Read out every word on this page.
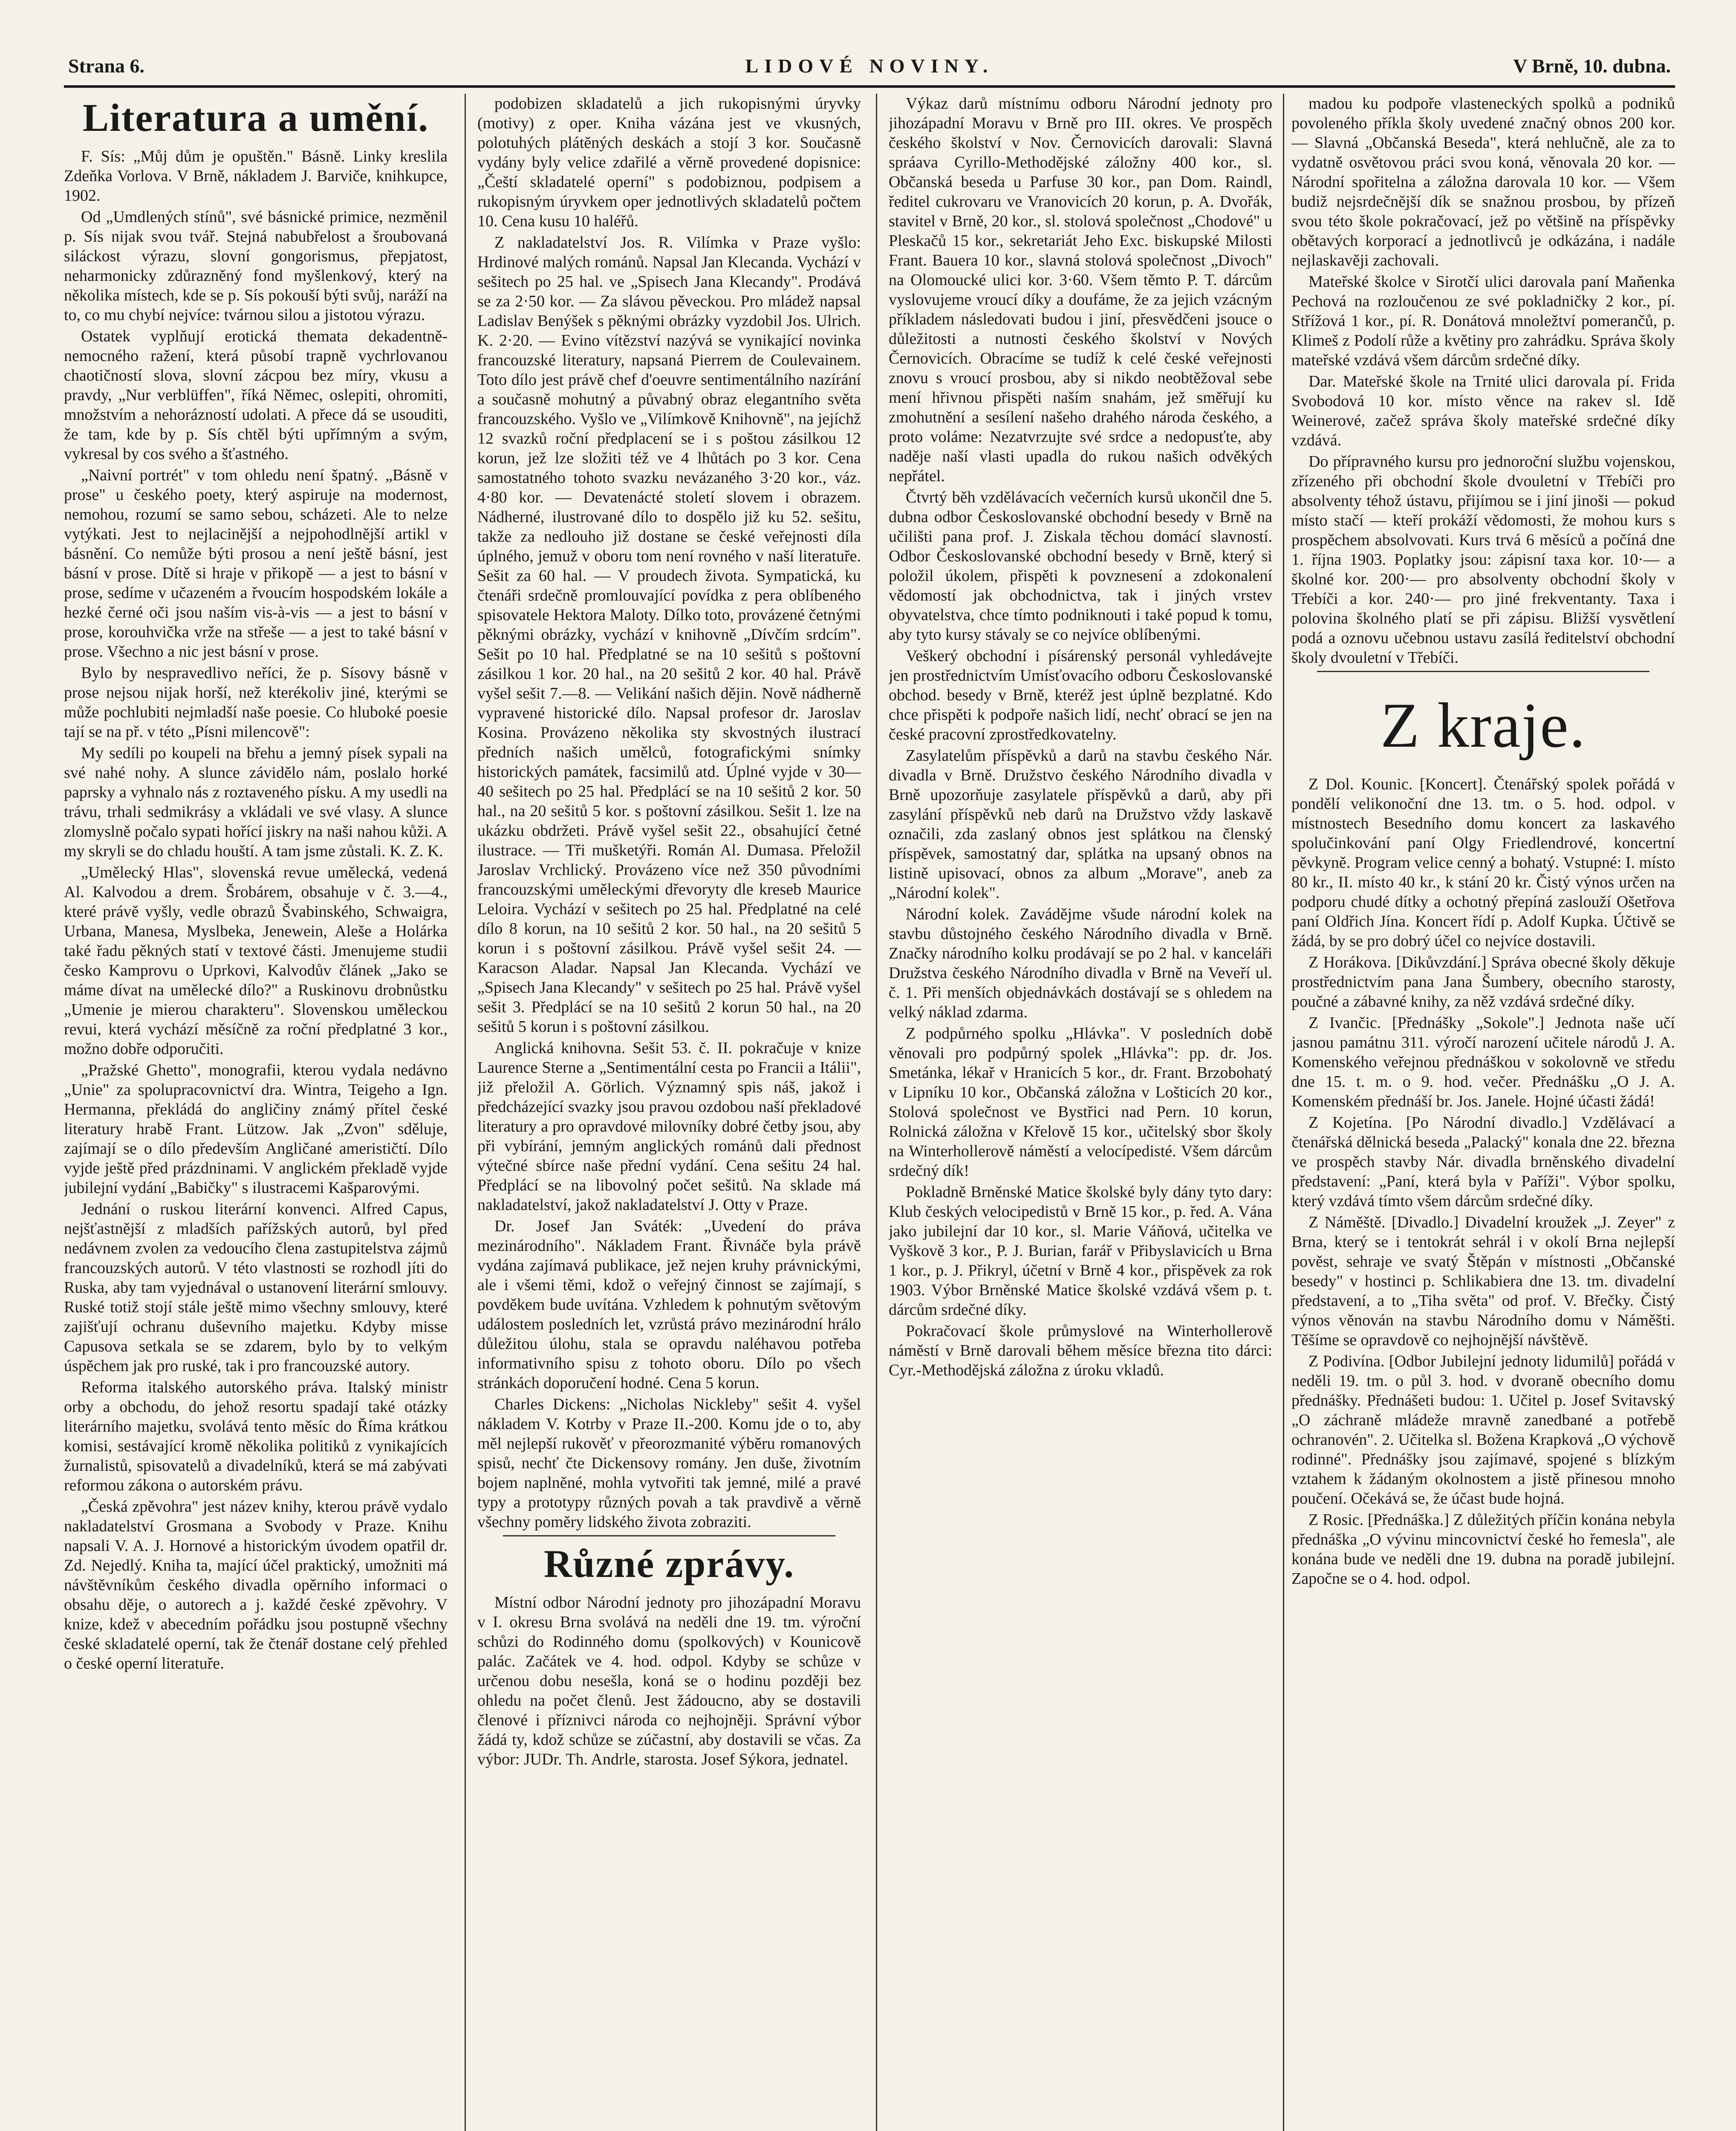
Strana 6.	LIDOVÉ NOVINY.	V Brně, 10. dubna.
Literatura a umění.

F. Sís: „Můj dům je opuštěn." Básně. Linky kreslila Zdeňka Vorlova. V Brně, nákladem J. Barviče, knihkupce, 1902.

Od „Umdlených stínů", své básnické primice, nezměnil p. Sís nijak svou tvář. Stejná nabubřelost a šroubovaná siláckost výrazu, slovní gongorismus, přepjatost, neharmonicky zdůrazněný fond myšlenkový, který na několika místech, kde se p. Sís pokouší býti svůj, naráží na to, co mu chybí nejvíce: tvárnou silou a jistotou výrazu.

Ostatek vyplňují erotická themata dekadentně-nemocného ražení, která působí trapně vychrlovanou chaotičností slova, slovní zácpou bez míry, vkusu a pravdy, „Nur verblüffen", říká Němec, oslepiti, ohromiti, množstvím a nehorázností udolati. A přece dá se usouditi, že tam, kde by p. Sís chtěl býti upřímným a svým, vykresal by cos svého a šťastného.

„Naivní portrét" v tom ohledu není špatný. „Básně v prose" u českého poety, který aspiruje na modernost, nemohou, rozumí se samo sebou, scházeti. Ale to nelze vytýkati. Jest to nejlacinější a nejpohodlnější artikl v básnění. Co nemůže býti prosou a není ještě básní, jest básní v prose. Dítě si hraje v přikopě — a jest to básní v prose, sedíme v učazeném a řvoucím hospodském lokále a hezké černé oči jsou naším vis-à-vis — a jest to básní v prose, korouhvička vrže na střeše — a jest to také básní v prose. Všechno a nic jest básní v prose.

Bylo by nespravedlivo neříci, že p. Sísovy básně v prose nejsou nijak horší, než kterékoliv jiné, kterými se může pochlubiti nejmladší naše poesie. Co hluboké poesie tají se na př. v této „Písni milencově":

My sedíli po koupeli na břehu a jemný písek sypali na své nahé nohy. A slunce závidělo nám, poslalo horké paprsky a vyhnalo nás z roztaveného písku. A my usedli na trávu, trhali sedmikrásy a vkládali ve své vlasy. A slunce zlomyslně počalo sypati hořící jiskry na naši nahou kůži. A my skryli se do chladu houští. A tam jsme zůstali. K. Z. K.

„Umělecký Hlas", slovenská revue umělecká, vedená Al. Kalvodou a drem. Šrobárem, obsahuje v č. 3.—4., které právě vyšly, vedle obrazů Švabinského, Schwaigra, Urbana, Manesa, Myslbeka, Jenewein, Aleše a Holárka také řadu pěkných statí v textové části. Jmenujeme studii česko Kamprovu o Uprkovi, Kalvodův článek „Jako se máme dívat na umělecké dílo?" a Ruskinovu drobnůstku „Umenie je mierou charakteru". Slovenskou uměleckou revui, která vychází měsíčně za roční předplatné 3 kor., možno dobře odporučiti.

„Pražské Ghetto", monografii, kterou vydala nedávno „Unie" za spolupracovnictví dra. Wintra, Teigeho a Ign. Hermanna, překládá do angličiny známý přítel české literatury hrabě Frant. Lützow. Jak „Zvon" sděluje, zajímají se o dílo především Angličané amerističtí. Dílo vyjde ještě před prázdninami. V anglickém překladě vyjde jubilejní vydání „Babičky" s ilustracemi Kašparovými.

Jednání o ruskou literární konvenci. Alfred Capus, nejšťastnější z mladších pařížských autorů, byl před nedávnem zvolen za vedoucího člena zastupitelstva zájmů francouzských autorů. V této vlastnosti se rozhodl jíti do Ruska, aby tam vyjednával o ustanovení literární smlouvy. Ruské totiž stojí stále ještě mimo všechny smlouvy, které zajišťují ochranu duševního majetku. Kdyby misse Capusova setkala se se zdarem, bylo by to velkým úspěchem jak pro ruské, tak i pro francouzské autory.

Reforma italského autorského práva. Italský ministr orby a obchodu, do jehož resortu spadají také otázky literárního majetku, svolává tento měsíc do Říma krátkou komisi, sestávající kromě několika politiků z vynikajících žurnalistů, spisovatelů a divadelníků, která se má zabývati reformou zákona o autorském právu.

„Česká zpěvohra" jest název knihy, kterou právě vydalo nakladatelství Grosmana a Svobody v Praze. Knihu napsali V. A. J. Hornové a historickým úvodem opatřil dr. Zd. Nejedlý. Kniha ta, mající účel praktický, umožniti má návštěvníkům českého divadla opěrního informaci o obsahu děje, o autorech a j. každé české zpěvohry. V knize, kdež v abecedním pořádku jsou postupně všechny české skladatelé operní, tak že čtenář dostane celý přehled o české operní literatuře.

podobizen skladatelů a jich rukopisnými úryvky (motivy) z oper. Kniha vázána jest ve vkusných, polotuhých plátěných deskách a stojí 3 kor. Současně vydány byly velice zdařilé a věrně provedené dopisnice: „Čeští skladatelé operní" s podobiznou, podpisem a rukopisným úryvkem oper jednotlivých skladatelů počtem 10. Cena kusu 10 haléřů.

Z nakladatelství Jos. R. Vilímka v Praze vyšlo: Hrdinové malých románů. Napsal Jan Klecanda. Vychází v sešitech po 25 hal. ve „Spisech Jana Klecandy". Prodává se za 2·50 kor. — Za slávou pěveckou. Pro mládež napsal Ladislav Benýšek s pěknými obrázky vyzdobil Jos. Ulrich. K. 2·20. — Evino vítězství nazývá se vynikající novinka francouzské literatury, napsaná Pierrem de Coulevainem. Toto dílo jest právě chef d'oeuvre sentimentálního nazírání a současně mohutný a půvabný obraz elegantního světa francouzského. Vyšlo ve „Vilímkově Knihovně", na jejíchž 12 svazků roční předplacení se i s poštou zásilkou 12 korun, jež lze složiti též ve 4 lhůtách po 3 kor. Cena samostatného tohoto svazku nevázaného 3·20 kor., váz. 4·80 kor. — Devatenácté století slovem i obrazem. Nádherné, ilustrované dílo to dospělo již ku 52. sešitu, takže za nedlouho již dostane se české veřejnosti díla úplného, jemuž v oboru tom není rovného v naší literatuře. Sešit za 60 hal. — V proudech života. Sympatická, ku čtenáři srdečně promlouvající povídka z pera oblíbeného spisovatele Hektora Maloty. Dílko toto, provázené četnými pěknými obrázky, vychází v knihovně „Dívčím srdcím". Sešit po 10 hal. Předplatné se na 10 sešitů s poštovní zásilkou 1 kor. 20 hal., na 20 sešitů 2 kor. 40 hal. Právě vyšel sešit 7.—8. — Velikání našich dějin. Nově nádherně vypravené historické dílo. Napsal profesor dr. Jaroslav Kosina. Provázeno několika sty skvostných ilustrací předních našich umělců, fotografickými snímky historických památek, facsimilů atd. Úplné vyjde v 30—40 sešitech po 25 hal. Předplácí se na 10 sešitů 2 kor. 50 hal., na 20 sešitů 5 kor. s poštovní zásilkou. Sešit 1. lze na ukázku obdržeti. Právě vyšel sešit 22., obsahující četné ilustrace. — Tři mušketýři. Román Al. Dumasa. Přeložil Jaroslav Vrchlický. Provázeno více než 350 původními francouzskými uměleckými dřevoryty dle kreseb Maurice Leloira. Vychází v sešitech po 25 hal. Předplatné na celé dílo 8 korun, na 10 sešitů 2 kor. 50 hal., na 20 sešitů 5 korun i s poštovní zásilkou. Právě vyšel sešit 24. — Karacson Aladar. Napsal Jan Klecanda. Vychází ve „Spisech Jana Klecandy" v sešitech po 25 hal. Právě vyšel sešit 3. Předplácí se na 10 sešitů 2 korun 50 hal., na 20 sešitů 5 korun i s poštovní zásilkou.

Anglická knihovna. Sešit 53. č. II. pokračuje v knize Laurence Sterne a „Sentimentální cesta po Francii a Itálii", již přeložil A. Görlich. Významný spis náš, jakož i předcházející svazky jsou pravou ozdobou naší překladové literatury a pro opravdové milovníky dobré četby jsou, aby při vybírání, jemným anglických románů dali přednost výtečné sbírce naše přední vydání. Cena sešitu 24 hal. Předplácí se na libovolný počet sešitů. Na sklade má nakladatelství, jakož nakladatelství J. Otty v Praze.

Dr. Josef Jan Sváték: „Uvedení do práva mezinárodního". Nákladem Frant. Řivnáče byla právě vydána zajímavá publikace, jež nejen kruhy právnickými, ale i všemi těmi, kdož o veřejný činnost se zajímají, s povděkem bude uvítána. Vzhledem k pohnutým světovým událostem posledních let, vzrůstá právo mezinárodní hrálo důležitou úlohu, stala se opravdu naléhavou potřeba informativního spisu z tohoto oboru. Dílo po všech stránkách doporučení hodné. Cena 5 korun.

Charles Dickens: „Nicholas Nickleby" sešit 4. vyšel nákladem V. Kotrby v Praze II.-200. Komu jde o to, aby měl nejlepší rukověť v přeorozmanité výběru romanových spisů, nechť čte Dickensovy romány. Jen duše, životním bojem naplněné, mohla vytvořiti tak jemné, milé a pravé typy a prototypy různých povah a tak pravdivě a věrně všechny poměry lidského života zobraziti.

Různé zprávy.

Místní odbor Národní jednoty pro jihozápadní Moravu v I. okresu Brna svolává na neděli dne 19. tm. výroční schůzi do Rodinného domu (spolkových) v Kounicově palác. Začátek ve 4. hod. odpol. Kdyby se schůze v určenou dobu nesešla, koná se o hodinu později bez ohledu na počet členů. Jest žádoucno, aby se dostavili členové i příznivci národa co nejhojněji. Správní výbor žádá ty, kdož schůze se zúčastní, aby dostavili se včas. Za výbor: JUDr. Th. Andrle, starosta. Josef Sýkora, jednatel.

Výkaz darů místnímu odboru Národní jednoty pro jihozápadní Moravu v Brně pro III. okres. Ve prospěch českého školství v Nov. Černovicích darovali: Slavná spráava Cyrillo-Methodějské záložny 400 kor., sl. Občanská beseda u Parfuse 30 kor., pan Dom. Raindl, ředitel cukrovaru ve Vranovicích 20 korun, p. A. Dvořák, stavitel v Brně, 20 kor., sl. stolová společnost „Chodové" u Pleskačů 15 kor., sekretariát Jeho Exc. biskupské Milosti Frant. Bauera 10 kor., slavná stolová společnost „Divoch" na Olomoucké ulici kor. 3·60. Všem těmto P. T. dárcům vyslovujeme vroucí díky a doufáme, že za jejich vzácným příkladem následovati budou i jiní, přesvědčeni jsouce o důležitosti a nutnosti českého školství v Nových Černovicích. Obracíme se tudíž k celé české veřejnosti znovu s vroucí prosbou, aby si nikdo neobtěžoval sebe mení hřivnou přispěti naším snahám, jež směřují ku zmohutnění a sesílení našeho drahého národa českého, a proto voláme: Nezatvrzujte své srdce a nedopusťte, aby naděje naší vlasti upadla do rukou našich odvěkých nepřátel.

Čtvrtý běh vzdělávacích večerních kursů ukončil dne 5. dubna odbor Českoslovanské obchodní besedy v Brně na učilišti pana prof. J. Ziskala těchou domácí slavností. Odbor Českoslovanské obchodní besedy v Brně, který si položil úkolem, přispěti k povznesení a zdokonalení vědomostí jak obchodnictva, tak i jiných vrstev obyvatelstva, chce tímto podniknouti i také popud k tomu, aby tyto kursy stávaly se co nejvíce oblíbenými.

Veškerý obchodní i písárenský personál vyhledávejte jen prostřednictvím Umísťovacího odboru Českoslovanské obchod. besedy v Brně, kteréž jest úplně bezplatné. Kdo chce přispěti k podpoře našich lidí, nechť obrací se jen na české pracovní zprostředkovatelny.

Zasylatelům příspěvků a darů na stavbu českého Nár. divadla v Brně. Družstvo českého Národního divadla v Brně upozorňuje zasylatele příspěvků a darů, aby při zasylání příspěvků neb darů na Družstvo vždy laskavě označili, zda zaslaný obnos jest splátkou na členský příspěvek, samostatný dar, splátka na upsaný obnos na listině upisovací, obnos za album „Morave", aneb za „Národní kolek".

Národní kolek. Zavádějme všude národní kolek na stavbu důstojného českého Národního divadla v Brně. Značky národního kolku prodávají se po 2 hal. v kanceláři Družstva českého Národního divadla v Brně na Veveří ul. č. 1. Při menších objednávkách dostávají se s ohledem na velký náklad zdarma.

Z podpůrného spolku „Hlávka". V posledních době věnovali pro podpůrný spolek „Hlávka": pp. dr. Jos. Smetánka, lékař v Hranicích 5 kor., dr. Frant. Brzobohatý v Lipníku 10 kor., Občanská záložna v Lošticích 20 kor., Stolová společnost ve Bystřici nad Pern. 10 korun, Rolnická záložna v Křelově 15 kor., učitelský sbor školy na Winterhollerově náměstí a velocípedisté. Všem dárcům srdečný dík!

Pokladně Brněnské Matice školské byly dány tyto dary: Klub českých velocipedistů v Brně 15 kor., p. řed. A. Vána jako jubilejní dar 10 kor., sl. Marie Váňová, učitelka ve Vyškově 3 kor., P. J. Burian, farář v Přibyslavicích u Brna 1 kor., p. J. Přikryl, účetní v Brně 4 kor., přispěvek za rok 1903. Výbor Brněnské Matice školské vzdává všem p. t. dárcům srdečné díky.

Pokračovací škole průmyslové na Winterhollerově náměstí v Brně darovali během měsíce března tito dárci: Cyr.-Methodějská záložna z úroku vkladů.

madou ku podpoře vlasteneckých spolků a podniků povoleného příkla školy uvedené značný obnos 200 kor. — Slavná „Občanská Beseda", která nehlučně, ale za to vydatně osvětovou práci svou koná, věnovala 20 kor. — Národní spořitelna a záložna darovala 10 kor. — Všem budiž nejsrdečnější dík se snažnou prosbou, by přízeň svou této škole pokračovací, jež po většině na příspěvky obětavých korporací a jednotlivců je odkázána, i nadále nejlaskavěji zachovali.

Mateřské školce v Sirotčí ulici darovala paní Maňenka Pechová na rozloučenou ze své pokladničky 2 kor., pí. Střížová 1 kor., pí. R. Donátová mnoležtví pomerančů, p. Klimeš z Podolí růže a květiny pro zahrádku. Správa školy mateřské vzdává všem dárcům srdečné díky.

Dar. Mateřské škole na Trnité ulici darovala pí. Frida Svobodová 10 kor. místo věnce na rakev sl. Idě Weinerové, začež správa školy mateřské srdečné díky vzdává.

Do přípravného kursu pro jednoroční službu vojenskou, zřízeného při obchodní škole dvouletní v Třebíči pro absolventy téhož ústavu, přijímou se i jiní jinoši — pokud místo stačí — kteří prokáží vědomosti, že mohou kurs s prospěchem absolvovati. Kurs trvá 6 měsíců a počíná dne 1. října 1903. Poplatky jsou: zápisní taxa kor. 10·— a školné kor. 200·— pro absolventy obchodní školy v Třebíči a kor. 240·— pro jiné frekventanty. Taxa i polovina školného platí se při zápisu. Bližší vysvětlení podá a oznovu učebnou ustavu zasílá ředitelství obchodní školy dvouletní v Třebíči.

Z kraje.

Z Dol. Kounic. [Koncert]. Čtenářský spolek pořádá v pondělí velikonoční dne 13. tm. o 5. hod. odpol. v místnostech Besedního domu koncert za laskavého spolučinkování paní Olgy Friedlendrové, koncertní pěvkyně. Program velice cenný a bohatý. Vstupné: I. místo 80 kr., II. místo 40 kr., k stání 20 kr. Čistý výnos určen na podporu chudé dítky a ochotný přepíná zaslouží Ošetřova paní Oldřich Jína. Koncert řídí p. Adolf Kupka. Účtivě se žádá, by se pro dobrý účel co nejvíce dostavili.

Z Horákova. [Dikůvzdání.] Správa obecné školy děkuje prostřednictvím pana Jana Šumbery, obecního starosty, poučné a zábavné knihy, za něž vzdává srdečné díky.

Z Ivančic. [Přednášky „Sokole".] Jednota naše učí jasnou památnu 311. výročí narození učitele národů J. A. Komenského veřejnou přednáškou v sokolovně ve středu dne 15. t. m. o 9. hod. večer. Přednášku „O J. A. Komenském přednáší br. Jos. Janele. Hojné účasti žádá!

Z Kojetína. [Po Národní divadlo.] Vzdělávací a čtenářská dělnická beseda „Palacký" konala dne 22. března ve prospěch stavby Nár. divadla brněnského divadelní představení: „Paní, která byla v Paříži". Výbor spolku, který vzdává tímto všem dárcům srdečné díky.

Z Náměště. [Divadlo.] Divadelní kroužek „J. Zeyer" z Brna, který se i tentokrát sehrál i v okolí Brna nejlepší pověst, sehraje ve svatý Štěpán v místnosti „Občanské besedy" v hostinci p. Schlikabiera dne 13. tm. divadelní představení, a to „Tiha světa" od prof. V. Břečky. Čistý výnos věnován na stavbu Národního domu v Náměšti. Těšíme se opravdově co nejhojnější návštěvě.

Z Podivína. [Odbor Jubilejní jednoty lidumilů] pořádá v neděli 19. tm. o půl 3. hod. v dvoraně obecního domu přednášky. Přednášeti budou: 1. Učitel p. Josef Svitavský „O záchraně mládeže mravně zanedbané a potřebě ochranovén". 2. Učitelka sl. Božena Krapková „O výchově rodinné". Přednášky jsou zajímavé, spojené s blízkým vztahem k žádaným okolnostem a jistě přinesou mnoho poučení. Očekává se, že účast bude hojná.

Z Rosic. [Přednáška.] Z důležitých příčin konána nebyla přednáška „O vývinu mincovnictví české ho řemesla", ale konána bude ve neděli dne 19. dubna na poradě jubilejní. Započne se o 4. hod. odpol.
